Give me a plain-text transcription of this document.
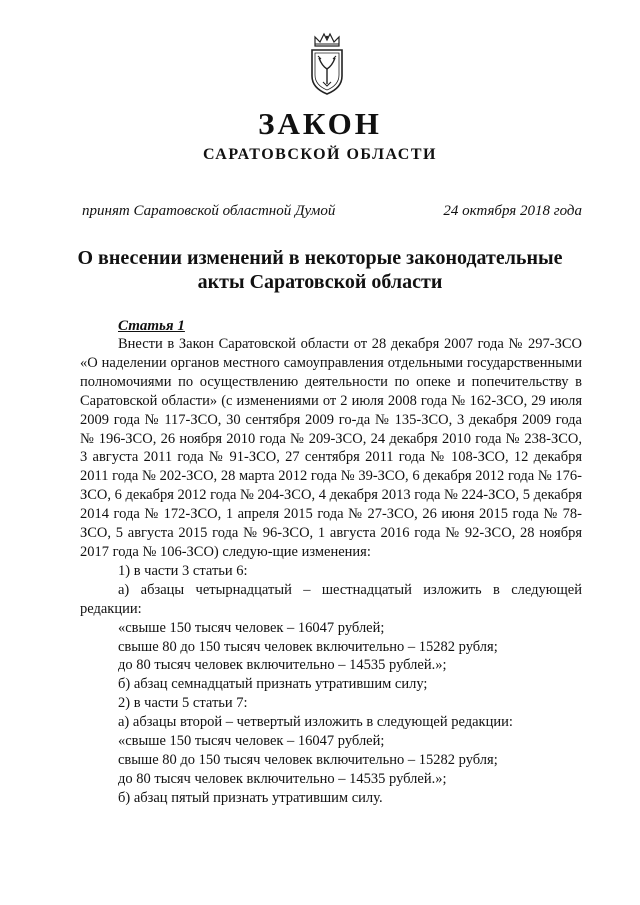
ЗАКОН
САРАТОВСКОЙ ОБЛАСТИ
принят Саратовской областной Думой	24 октября 2018 года
О внесении изменений в некоторые законодательные
акты Саратовской области
Статья 1

Внести в Закон Саратовской области от 28 декабря 2007 года № 297-ЗСО «О наделении органов местного самоуправления отдельными государственными полномочиями по осуществлению деятельности по опеке и попечительству в Саратовской области» (с изменениями от 2 июля 2008 года № 162-ЗСО, 29 июля 2009 года № 117-ЗСО, 30 сентября 2009 го-да № 135-ЗСО, 3 декабря 2009 года № 196-ЗСО, 26 ноября 2010 года № 209-ЗСО, 24 декабря 2010 года № 238-ЗСО, 3 августа 2011 года № 91-ЗСО, 27 сентября 2011 года № 108-ЗСО, 12 декабря 2011 года № 202-ЗСО, 28 марта 2012 года № 39-ЗСО, 6 декабря 2012 года № 176-ЗСО, 6 декабря 2012 года № 204-ЗСО, 4 декабря 2013 года № 224-ЗСО, 5 декабря 2014 года № 172-ЗСО, 1 апреля 2015 года № 27-ЗСО, 26 июня 2015 года № 78-ЗСО, 5 августа 2015 года № 96-ЗСО, 1 августа 2016 года № 92-ЗСО, 28 ноября 2017 года № 106-ЗСО) следую-щие изменения:

1) в части 3 статьи 6:

а) абзацы четырнадцатый – шестнадцатый изложить в следующей редакции:

«свыше 150 тысяч человек – 16047 рублей;

свыше 80 до 150 тысяч человек включительно – 15282 рубля;

до 80 тысяч человек включительно – 14535 рублей.»;

б) абзац семнадцатый признать утратившим силу;

2) в части 5 статьи 7:

а) абзацы второй – четвертый изложить в следующей редакции:

«свыше 150 тысяч человек – 16047 рублей;

свыше 80 до 150 тысяч человек включительно – 15282 рубля;

до 80 тысяч человек включительно – 14535 рублей.»;

б) абзац пятый признать утратившим силу.
